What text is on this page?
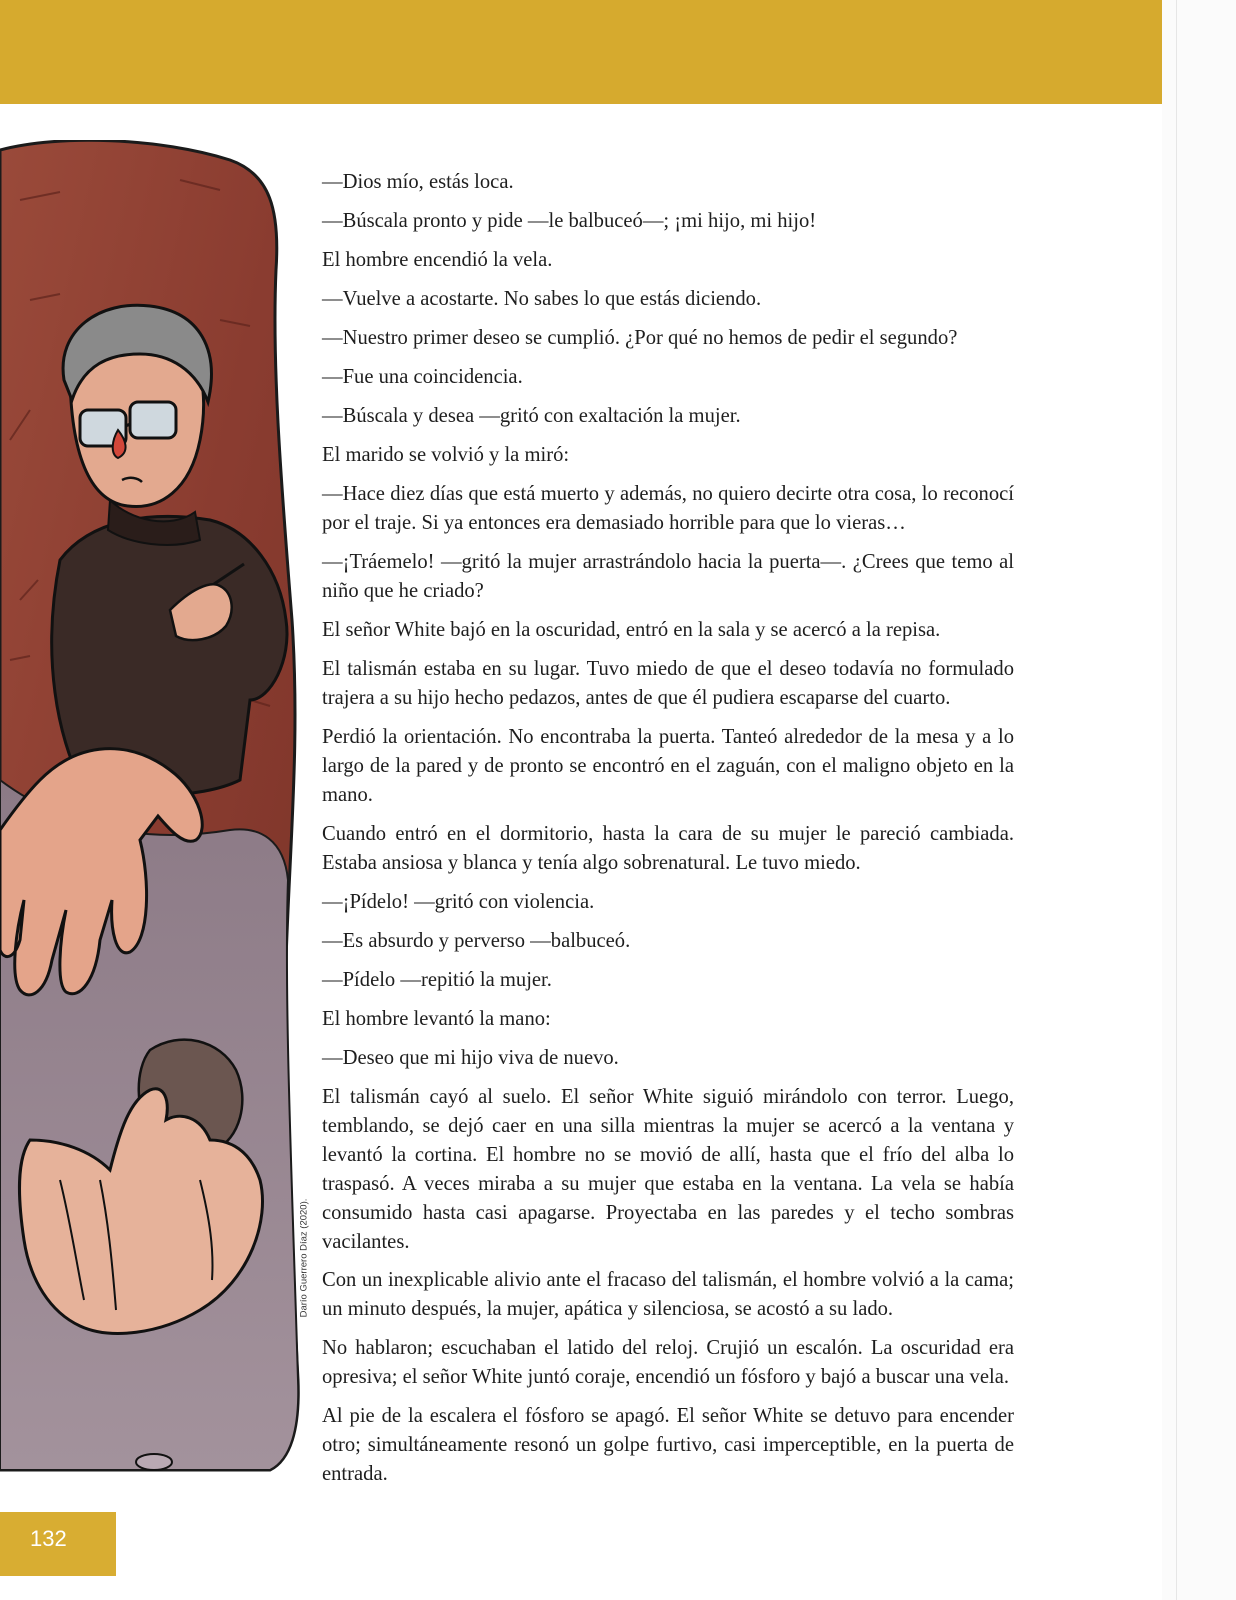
Darío Guerrero Díaz (2020).
132

—Dios mío, estás loca.

—Búscala pronto y pide —le balbuceó—; ¡mi hijo, mi hijo!

El hombre encendió la vela.

—Vuelve a acostarte. No sabes lo que estás diciendo.

—Nuestro primer deseo se cumplió. ¿Por qué no hemos de pedir el segundo?

—Fue una coincidencia.

—Búscala y desea —gritó con exaltación la mujer.

El marido se volvió y la miró:

—Hace diez días que está muerto y además, no quiero decirte otra cosa, lo reconocí por el traje. Si ya entonces era demasiado horrible para que lo vieras…

—¡Tráemelo! —gritó la mujer arrastrándolo hacia la puerta—. ¿Crees que temo al niño que he criado?

El señor White bajó en la oscuridad, entró en la sala y se acercó a la repisa.

El talismán estaba en su lugar. Tuvo miedo de que el deseo todavía no formulado trajera a su hijo hecho pedazos, antes de que él pudiera escaparse del cuarto.

Perdió la orientación. No encontraba la puerta. Tanteó alrededor de la mesa y a lo largo de la pared y de pronto se encontró en el zaguán, con el maligno objeto en la mano.

Cuando entró en el dormitorio, hasta la cara de su mujer le pareció cambiada. Estaba ansiosa y blanca y tenía algo sobrenatural. Le tuvo miedo.

—¡Pídelo! —gritó con violencia.

—Es absurdo y perverso —balbuceó.

—Pídelo —repitió la mujer.

El hombre levantó la mano:

—Deseo que mi hijo viva de nuevo.

El talismán cayó al suelo. El señor White siguió mirándolo con terror. Luego, temblando, se dejó caer en una silla mientras la mujer se acercó a la ventana y levantó la cortina. El hombre no se movió de allí, hasta que el frío del alba lo traspasó. A veces miraba a su mujer que estaba en la ventana. La vela se había consumido hasta casi apagarse. Proyectaba en las paredes y el techo sombras vacilantes.

Con un inexplicable alivio ante el fracaso del talismán, el hombre volvió a la cama; un minuto después, la mujer, apática y silenciosa, se acostó a su lado.

No hablaron; escuchaban el latido del reloj. Crujió un escalón. La oscuridad era opresiva; el señor White juntó coraje, encendió un fósforo y bajó a buscar una vela.

Al pie de la escalera el fósforo se apagó. El señor White se detuvo para encender otro; simultáneamente resonó un golpe furtivo, casi imperceptible, en la puerta de entrada.
